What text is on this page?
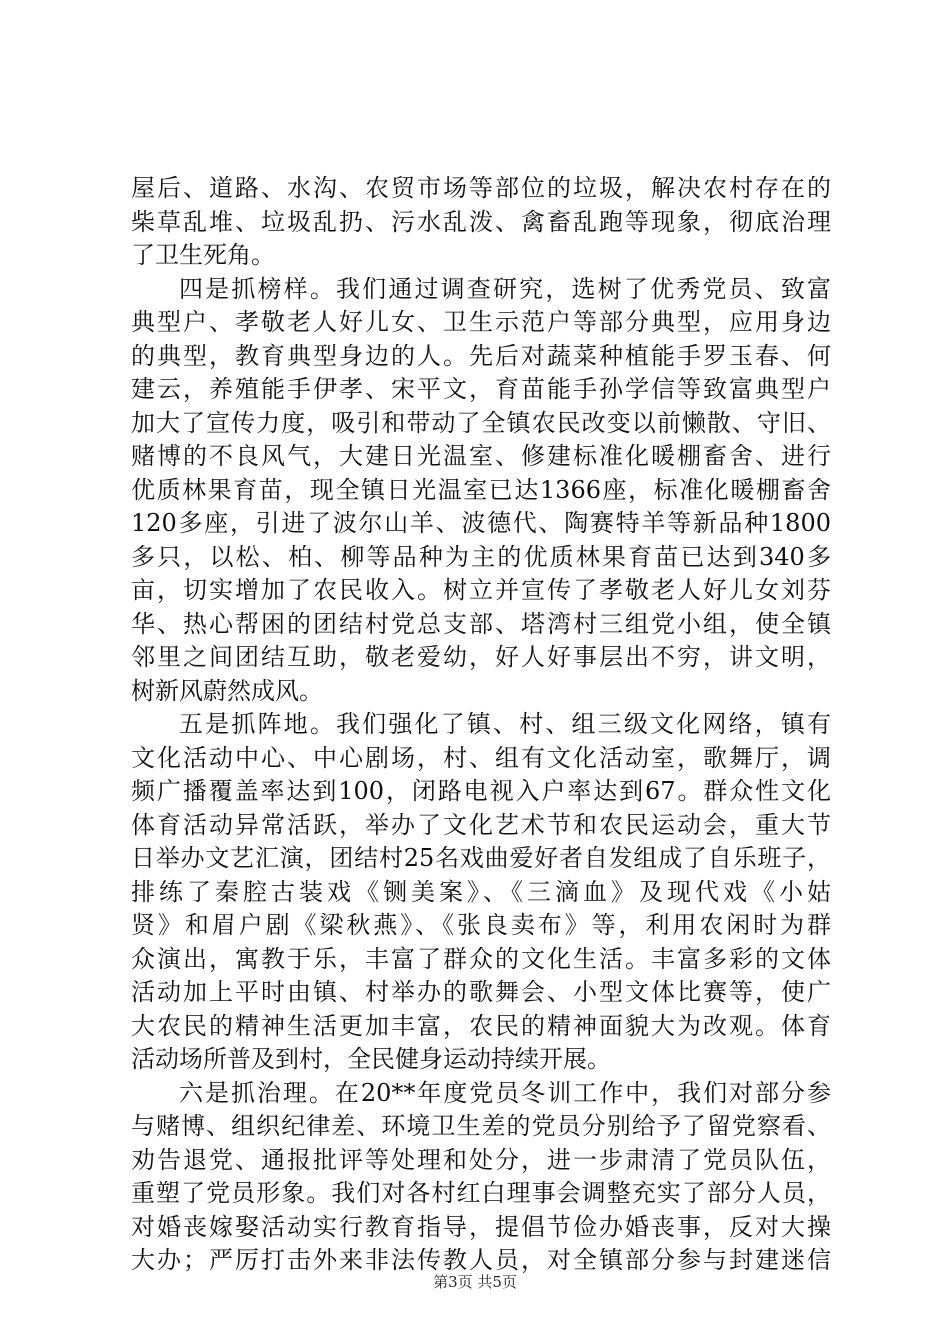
屋后、道路、水沟、农贸市场等部位的垃圾，解决农村存在的
柴草乱堆、垃圾乱扔、污水乱泼、禽畜乱跑等现象，彻底治理
了卫生死角。
四是抓榜样。我们通过调查研究，选树了优秀党员、致富
典型户、孝敬老人好儿女、卫生示范户等部分典型，应用身边
的典型，教育典型身边的人。先后对蔬菜种植能手罗玉春、何
建云，养殖能手伊孝、宋平文，育苗能手孙学信等致富典型户
加大了宣传力度，吸引和带动了全镇农民改变以前懒散、守旧、
赌博的不良风气，大建日光温室、修建标准化暖棚畜舍、进行
优质林果育苗，现全镇日光温室已达1366座，标准化暖棚畜舍
120多座，引进了波尔山羊、波德代、陶赛特羊等新品种1800
多只，以松、柏、柳等品种为主的优质林果育苗已达到340多
亩，切实增加了农民收入。树立并宣传了孝敬老人好儿女刘芬
华、热心帮困的团结村党总支部、塔湾村三组党小组，使全镇
邻里之间团结互助，敬老爱幼，好人好事层出不穷，讲文明，
树新风蔚然成风。
五是抓阵地。我们强化了镇、村、组三级文化网络，镇有
文化活动中心、中心剧场，村、组有文化活动室，歌舞厅，调
频广播覆盖率达到100，闭路电视入户率达到67。群众性文化
体育活动异常活跃，举办了文化艺术节和农民运动会，重大节
日举办文艺汇演，团结村25名戏曲爱好者自发组成了自乐班子，
排练了秦腔古装戏《铡美案》、《三滴血》及现代戏《小姑
贤》和眉户剧《梁秋燕》、《张良卖布》等，利用农闲时为群
众演出，寓教于乐，丰富了群众的文化生活。丰富多彩的文体
活动加上平时由镇、村举办的歌舞会、小型文体比赛等，使广
大农民的精神生活更加丰富，农民的精神面貌大为改观。体育
活动场所普及到村，全民健身运动持续开展。
六是抓治理。在20**年度党员冬训工作中，我们对部分参
与赌博、组织纪律差、环境卫生差的党员分别给予了留党察看、
劝告退党、通报批评等处理和处分，进一步肃清了党员队伍，
重塑了党员形象。我们对各村红白理事会调整充实了部分人员，
对婚丧嫁娶活动实行教育指导，提倡节俭办婚丧事，反对大操
大办；严厉打击外来非法传教人员，对全镇部分参与封建迷信
第3页 共5页
